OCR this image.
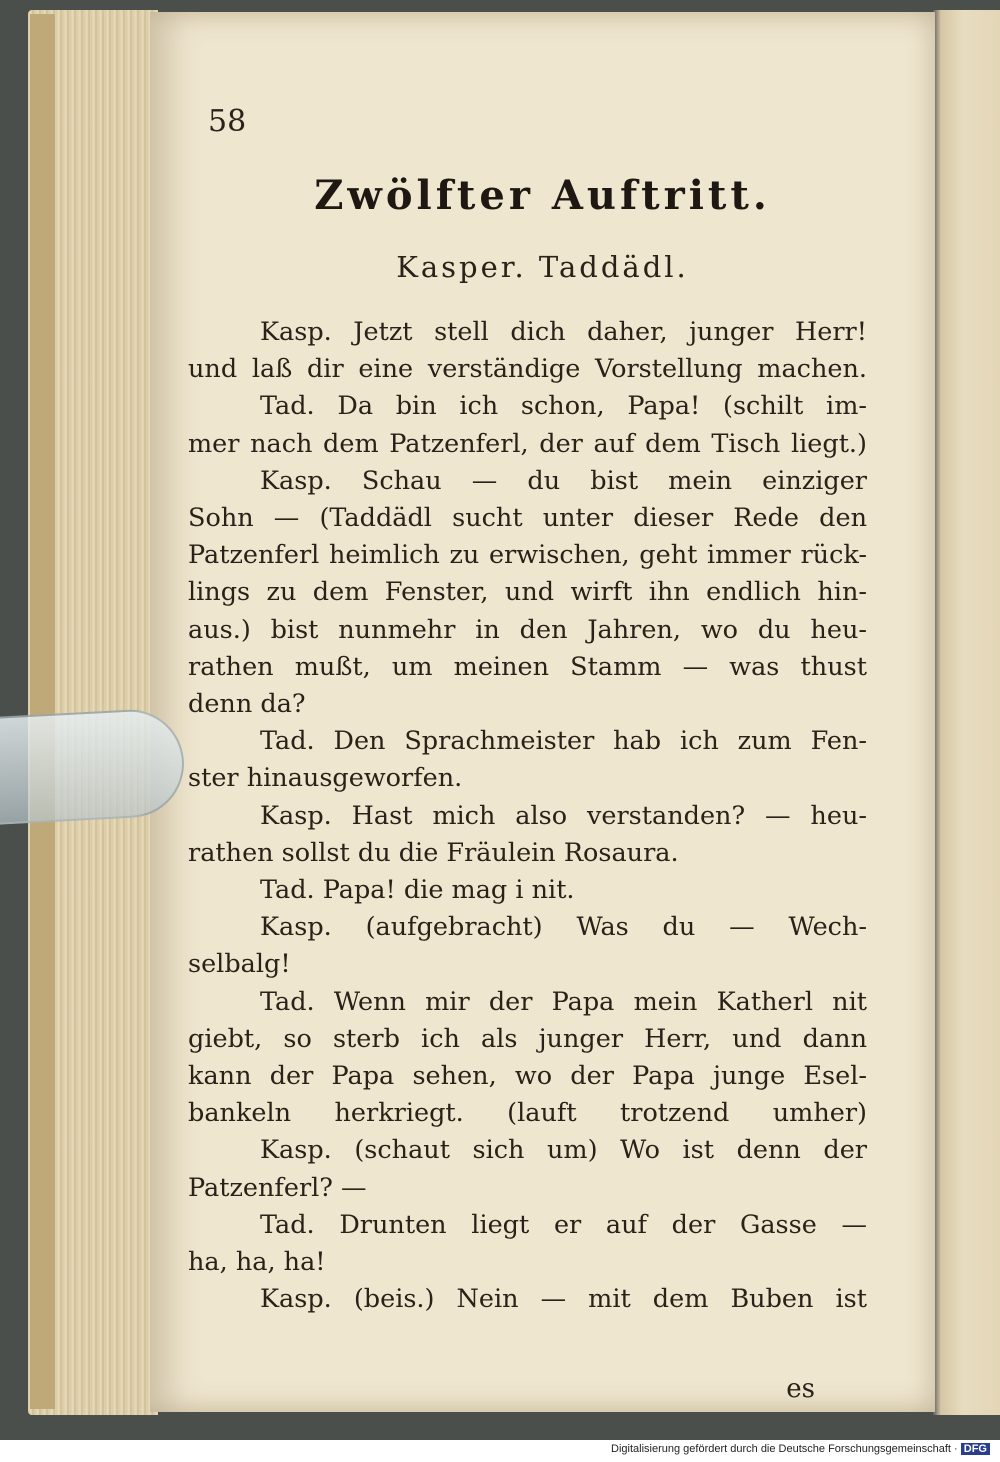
58
Zwölfter Auftritt.
Kasper. Taddädl.
Kasp. Jetzt stell dich daher, junger Herr!
und laß dir eine verständige Vorstellung machen.
Tad. Da bin ich schon, Papa! (schilt im-
mer nach dem Patzenferl, der auf dem Tisch liegt.)
Kasp. Schau — du bist mein einziger
Sohn — (Taddädl sucht unter dieser Rede den
Patzenferl heimlich zu erwischen, geht immer rück-
lings zu dem Fenster, und wirft ihn endlich hin-
aus.) bist nunmehr in den Jahren, wo du heu-
rathen mußt, um meinen Stamm — was thust
denn da?
Tad. Den Sprachmeister hab ich zum Fen-
ster hinausgeworfen.
Kasp. Hast mich also verstanden? — heu-
rathen sollst du die Fräulein Rosaura.
Tad. Papa! die mag i nit.
Kasp. (aufgebracht) Was du — Wech-
selbalg!
Tad. Wenn mir der Papa mein Katherl nit
giebt, so sterb ich als junger Herr, und dann
kann der Papa sehen, wo der Papa junge Esel-
bankeln herkriegt. (lauft trotzend umher)
Kasp. (schaut sich um) Wo ist denn der
Patzenferl? —
Tad. Drunten liegt er auf der Gasse —
ha, ha, ha!
Kasp. (beis.) Nein — mit dem Buben ist
es
Digitalisierung gefördert durch die Deutsche Forschungsgemeinschaft · DFG
